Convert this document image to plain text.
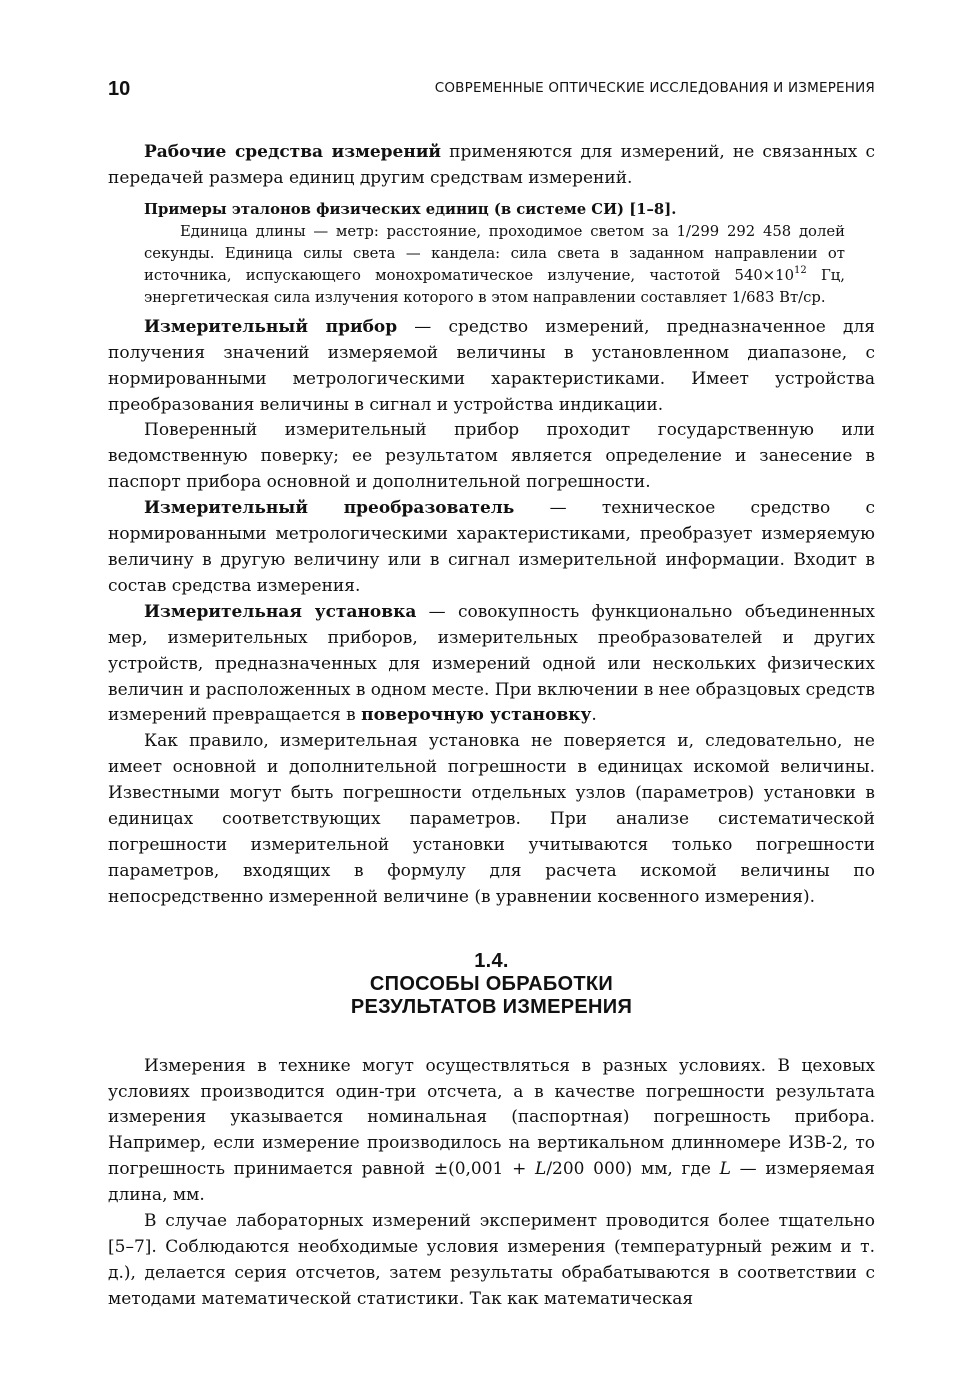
10	СОВРЕМЕННЫЕ ОПТИЧЕСКИЕ ИССЛЕДОВАНИЯ И ИЗМЕРЕНИЯ

Рабочие средства измерений применяются для измерений, не связанных с передачей размера единиц другим средствам измерений.

Примеры эталонов физических единиц (в системе СИ) [1–8].

Единица длины — метр: расстояние, проходимое светом за 1/299 292 458 долей секунды. Единица силы света — кандела: сила света в заданном направлении от источника, испускающего монохроматическое излучение, частотой $540\times 10^{12}$ Гц, энергетическая сила излучения которого в этом направлении составляет 1/683 Вт/ср.

Измерительный прибор — средство измерений, предназначенное для получения значений измеряемой величины в установленном диапазоне, с нормированными метрологическими характеристиками. Имеет устройства преобразования величины в сигнал и устройства индикации.

Поверенный измерительный прибор проходит государственную или ведомственную поверку; ее результатом является определение и занесение в паспорт прибора основной и дополнительной погрешности.

Измерительный преобразователь — техническое средство с нормированными метрологическими характеристиками, преобразует измеряемую величину в другую величину или в сигнал измерительной информации. Входит в состав средства измерения.

Измерительная установка — совокупность функционально объединенных мер, измерительных приборов, измерительных преобразователей и других устройств, предназначенных для измерений одной или нескольких физических величин и расположенных в одном месте. При включении в нее образцовых средств измерений превращается в поверочную установку.

Как правило, измерительная установка не поверяется и, следовательно, не имеет основной и дополнительной погрешности в единицах искомой величины. Известными могут быть погрешности отдельных узлов (параметров) установки в единицах соответствующих параметров. При анализе систематической погрешности измерительной установки учитываются только погрешности параметров, входящих в формулу для расчета искомой величины по непосредственно измеренной величине (в уравнении косвенного измерения).

1.4.
СПОСОБЫ ОБРАБОТКИ
РЕЗУЛЬТАТОВ ИЗМЕРЕНИЯ

Измерения в технике могут осуществляться в разных условиях. В цеховых условиях производится один-три отсчета, а в качестве погрешности результата измерения указывается номинальная (паспортная) погрешность прибора. Например, если измерение производилось на вертикальном длинномере ИЗВ-2, то погрешность принимается равной ±(0,001 + L/200 000) мм, где L — измеряемая длина, мм.

В случае лабораторных измерений эксперимент проводится более тщательно [5–7]. Соблюдаются необходимые условия измерения (температурный режим и т. д.), делается серия отсчетов, затем результаты обрабатываются в соответствии с методами математической статистики. Так как математическая
